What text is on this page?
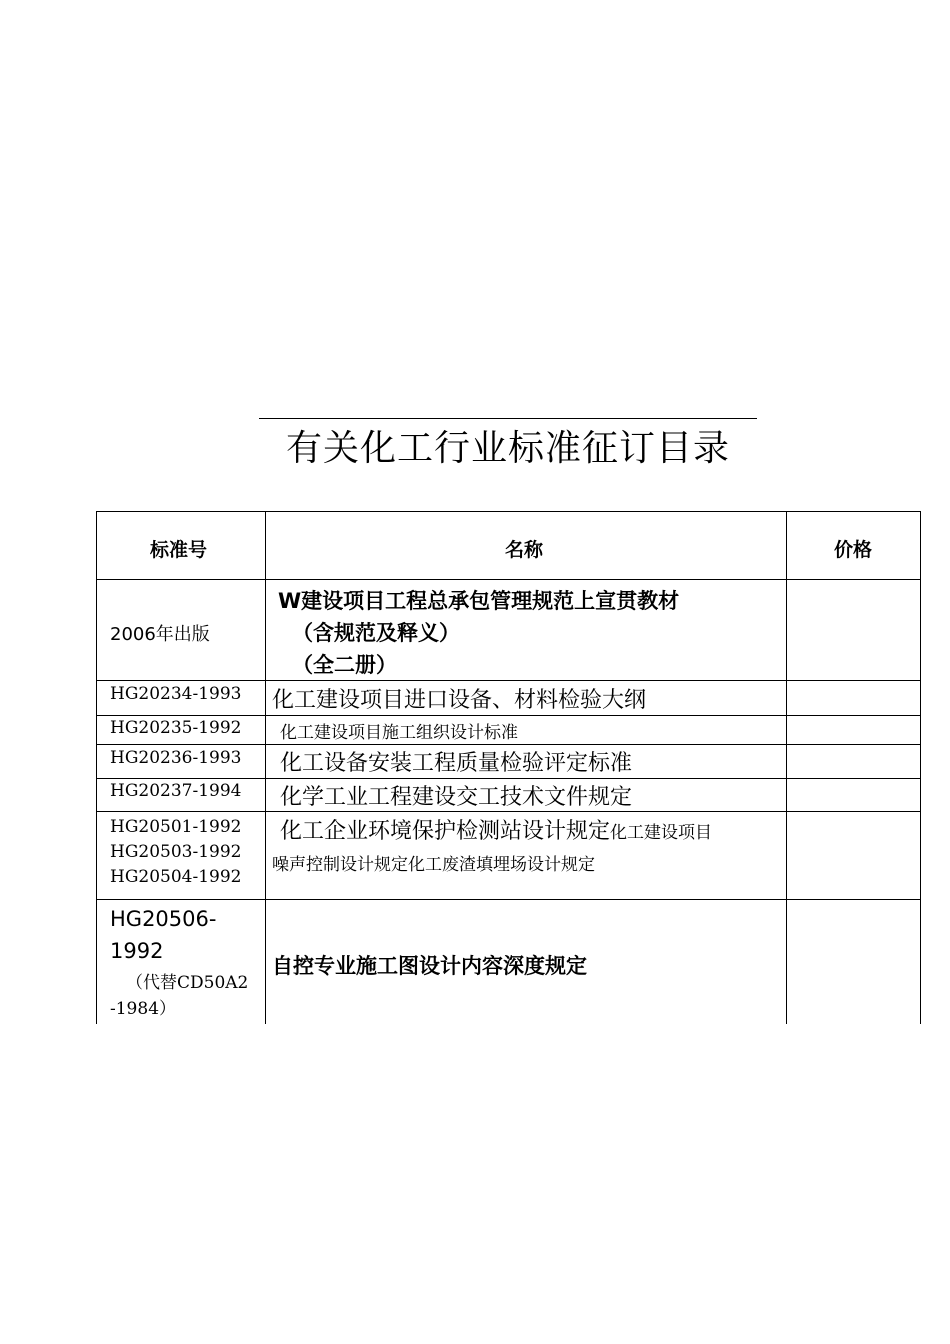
有关化工行业标准征订目录
标准号	名称	价格
2006年出版
W建设项目工程总承包管理规范上宣贯教材
（含规范及释义）
（全二册）
HG20234-1993 化工建设项目进口设备、材料检验大纲
HG20235-1992 化工建设项目施工组织设计标准
HG20236-1993 化工设备安装工程质量检验评定标准
HG20237-1994 化学工业工程建设交工技术文件规定
HG20501-1992
HG20503-1992
HG20504-1992
化工企业环境保护检测站设计规定化工建设项目
噪声控制设计规定化工废渣填埋场设计规定
HG20506-
1992
（代替CD50A2
-1984）
自控专业施工图设计内容深度规定
